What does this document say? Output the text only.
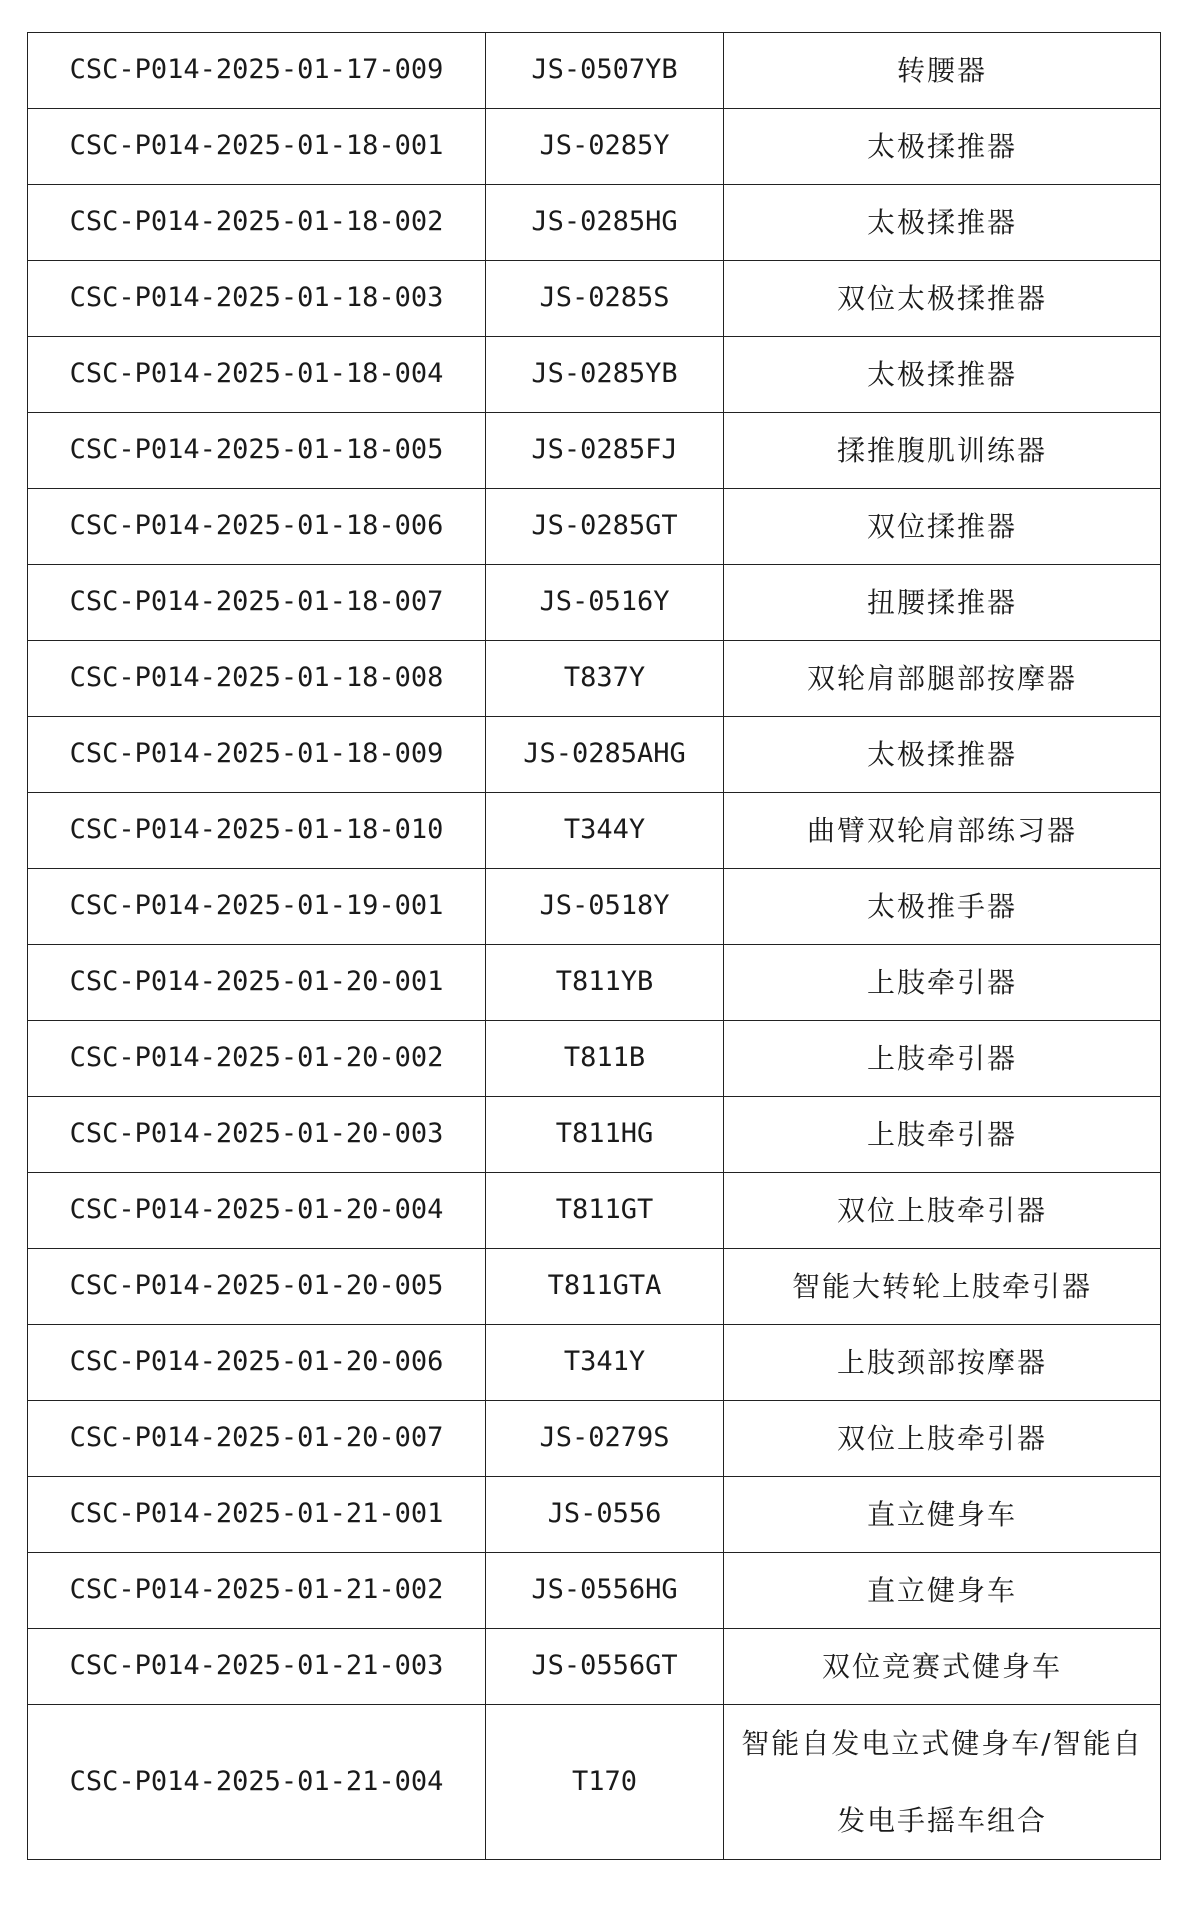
CSC-P014-2025-01-17-009	JS-0507YB	转腰器
CSC-P014-2025-01-18-001	JS-0285Y	太极揉推器
CSC-P014-2025-01-18-002	JS-0285HG	太极揉推器
CSC-P014-2025-01-18-003	JS-0285S	双位太极揉推器
CSC-P014-2025-01-18-004	JS-0285YB	太极揉推器
CSC-P014-2025-01-18-005	JS-0285FJ	揉推腹肌训练器
CSC-P014-2025-01-18-006	JS-0285GT	双位揉推器
CSC-P014-2025-01-18-007	JS-0516Y	扭腰揉推器
CSC-P014-2025-01-18-008	T837Y	双轮肩部腿部按摩器
CSC-P014-2025-01-18-009	JS-0285AHG	太极揉推器
CSC-P014-2025-01-18-010	T344Y	曲臂双轮肩部练习器
CSC-P014-2025-01-19-001	JS-0518Y	太极推手器
CSC-P014-2025-01-20-001	T811YB	上肢牵引器
CSC-P014-2025-01-20-002	T811B	上肢牵引器
CSC-P014-2025-01-20-003	T811HG	上肢牵引器
CSC-P014-2025-01-20-004	T811GT	双位上肢牵引器
CSC-P014-2025-01-20-005	T811GTA	智能大转轮上肢牵引器
CSC-P014-2025-01-20-006	T341Y	上肢颈部按摩器
CSC-P014-2025-01-20-007	JS-0279S	双位上肢牵引器
CSC-P014-2025-01-21-001	JS-0556	直立健身车
CSC-P014-2025-01-21-002	JS-0556HG	直立健身车
CSC-P014-2025-01-21-003	JS-0556GT	双位竞赛式健身车
CSC-P014-2025-01-21-004	T170	智能自发电立式健身车/智能自发电手摇车组合
